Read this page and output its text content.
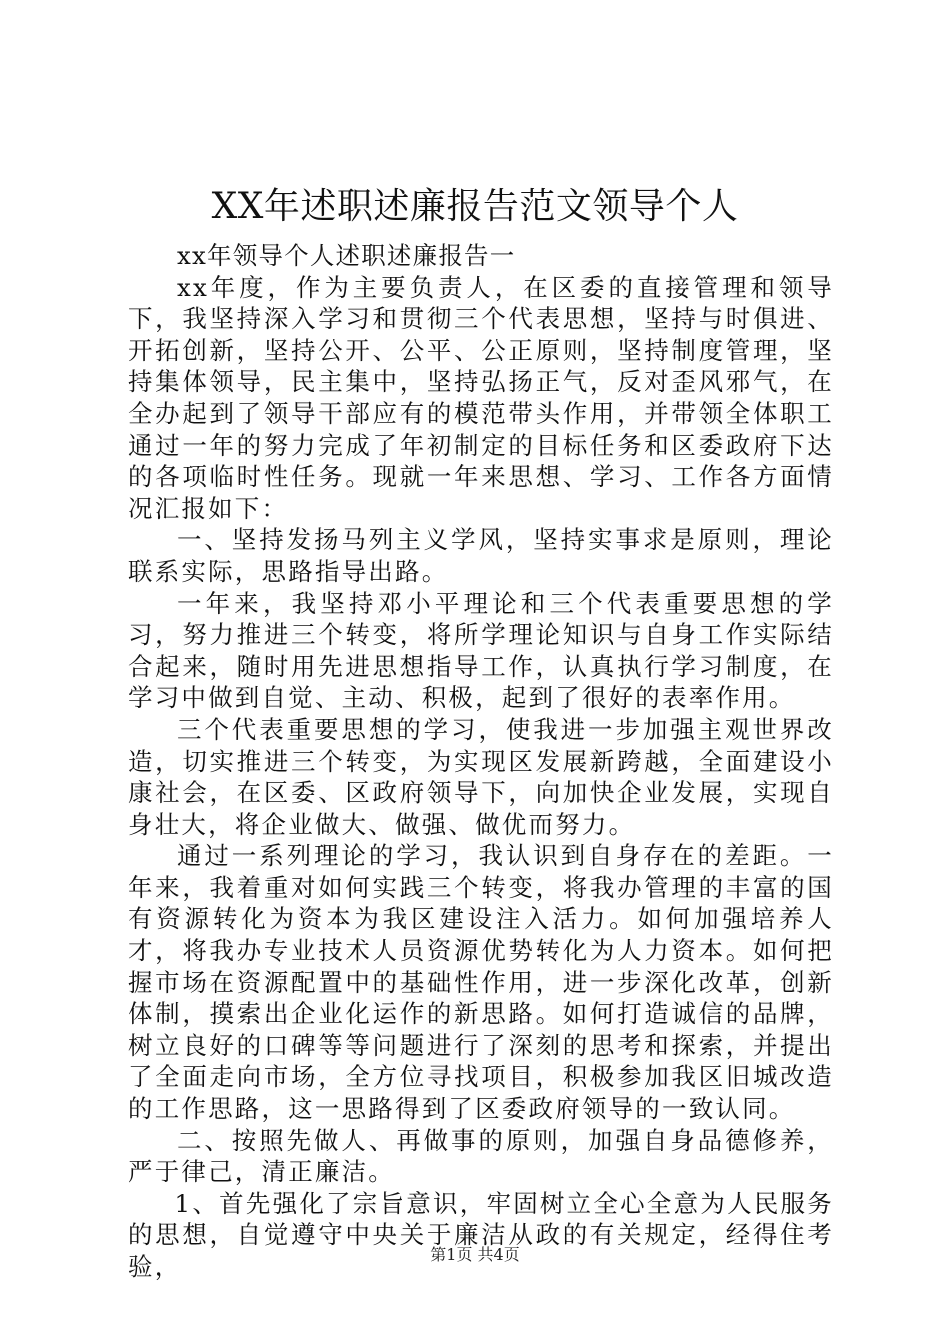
XX年述职述廉报告范文领导个人

xx年领导个人述职述廉报告一

xx年度，作为主要负责人，在区委的直接管理和领导下，我坚持深入学习和贯彻三个代表思想，坚持与时俱进、开拓创新，坚持公开、公平、公正原则，坚持制度管理，坚持集体领导，民主集中，坚持弘扬正气，反对歪风邪气，在全办起到了领导干部应有的模范带头作用，并带领全体职工通过一年的努力完成了年初制定的目标任务和区委政府下达的各项临时性任务。现就一年来思想、学习、工作各方面情况汇报如下：

一、坚持发扬马列主义学风，坚持实事求是原则，理论联系实际，思路指导出路。

一年来，我坚持邓小平理论和三个代表重要思想的学习，努力推进三个转变，将所学理论知识与自身工作实际结合起来，随时用先进思想指导工作，认真执行学习制度，在学习中做到自觉、主动、积极，起到了很好的表率作用。

三个代表重要思想的学习，使我进一步加强主观世界改造，切实推进三个转变，为实现区发展新跨越，全面建设小康社会，在区委、区政府领导下，向加快企业发展，实现自身壮大，将企业做大、做强、做优而努力。

通过一系列理论的学习，我认识到自身存在的差距。一年来，我着重对如何实践三个转变，将我办管理的丰富的国有资源转化为资本为我区建设注入活力。如何加强培养人才，将我办专业技术人员资源优势转化为人力资本。如何把握市场在资源配置中的基础性作用，进一步深化改革，创新体制，摸索出企业化运作的新思路。如何打造诚信的品牌，树立良好的口碑等等问题进行了深刻的思考和探索，并提出了全面走向市场，全方位寻找项目，积极参加我区旧城改造的工作思路，这一思路得到了区委政府领导的一致认同。

二、按照先做人、再做事的原则，加强自身品德修养，严于律己，清正廉洁。

1、首先强化了宗旨意识，牢固树立全心全意为人民服务的思想，自觉遵守中央关于廉洁从政的有关规定，经得住考验，	第1页 共4页
